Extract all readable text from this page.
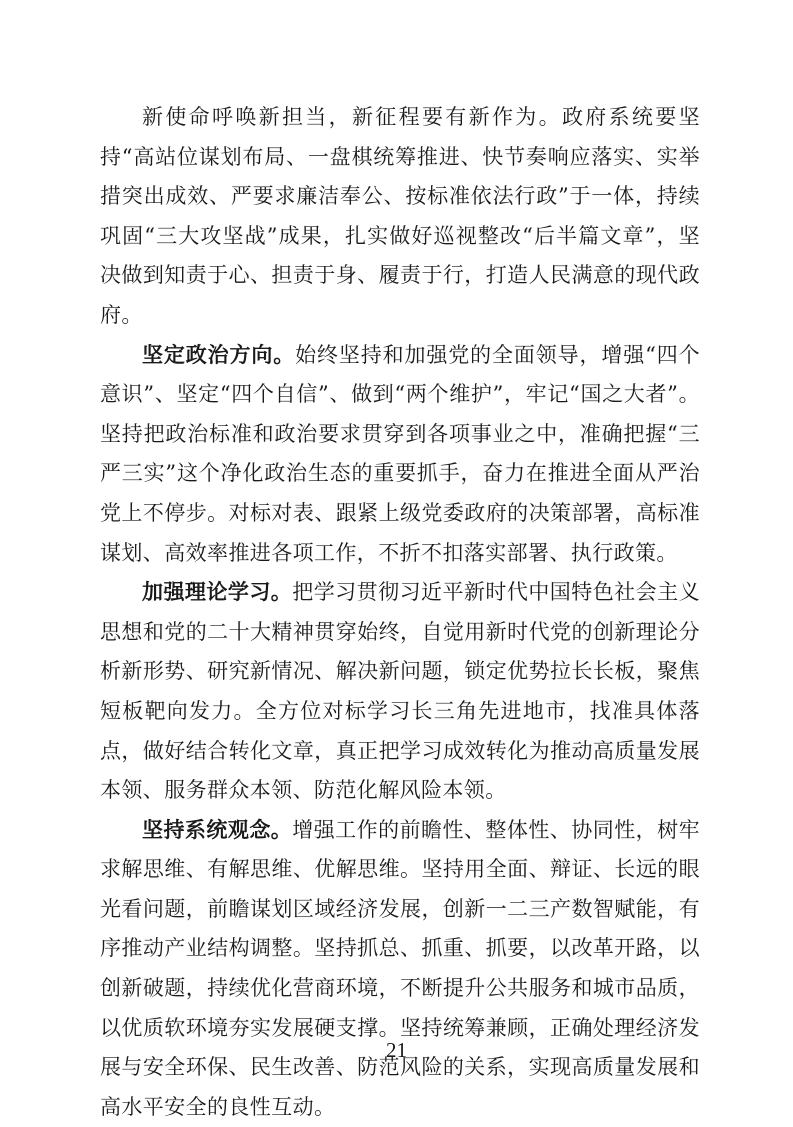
新使命呼唤新担当，新征程要有新作为。政府系统要坚持“高站位谋划布局、一盘棋统筹推进、快节奏响应落实、实举措突出成效、严要求廉洁奉公、按标准依法行政”于一体，持续巩固“三大攻坚战”成果，扎实做好巡视整改“后半篇文章”，坚决做到知责于心、担责于身、履责于行，打造人民满意的现代政府。

坚定政治方向。始终坚持和加强党的全面领导，增强“四个意识”、坚定“四个自信”、做到“两个维护”，牢记“国之大者”。坚持把政治标准和政治要求贯穿到各项事业之中，准确把握“三严三实”这个净化政治生态的重要抓手，奋力在推进全面从严治党上不停步。对标对表、跟紧上级党委政府的决策部署，高标准谋划、高效率推进各项工作，不折不扣落实部署、执行政策。

加强理论学习。把学习贯彻习近平新时代中国特色社会主义思想和党的二十大精神贯穿始终，自觉用新时代党的创新理论分析新形势、研究新情况、解决新问题，锁定优势拉长长板，聚焦短板靶向发力。全方位对标学习长三角先进地市，找准具体落点，做好结合转化文章，真正把学习成效转化为推动高质量发展本领、服务群众本领、防范化解风险本领。

坚持系统观念。增强工作的前瞻性、整体性、协同性，树牢求解思维、有解思维、优解思维。坚持用全面、辩证、长远的眼光看问题，前瞻谋划区域经济发展，创新一二三产数智赋能，有序推动产业结构调整。坚持抓总、抓重、抓要，以改革开路，以创新破题，持续优化营商环境，不断提升公共服务和城市品质，以优质软环境夯实发展硬支撑。坚持统筹兼顾，正确处理经济发展与安全环保、民生改善、防范风险的关系，实现高质量发展和高水平安全的良性互动。

21
